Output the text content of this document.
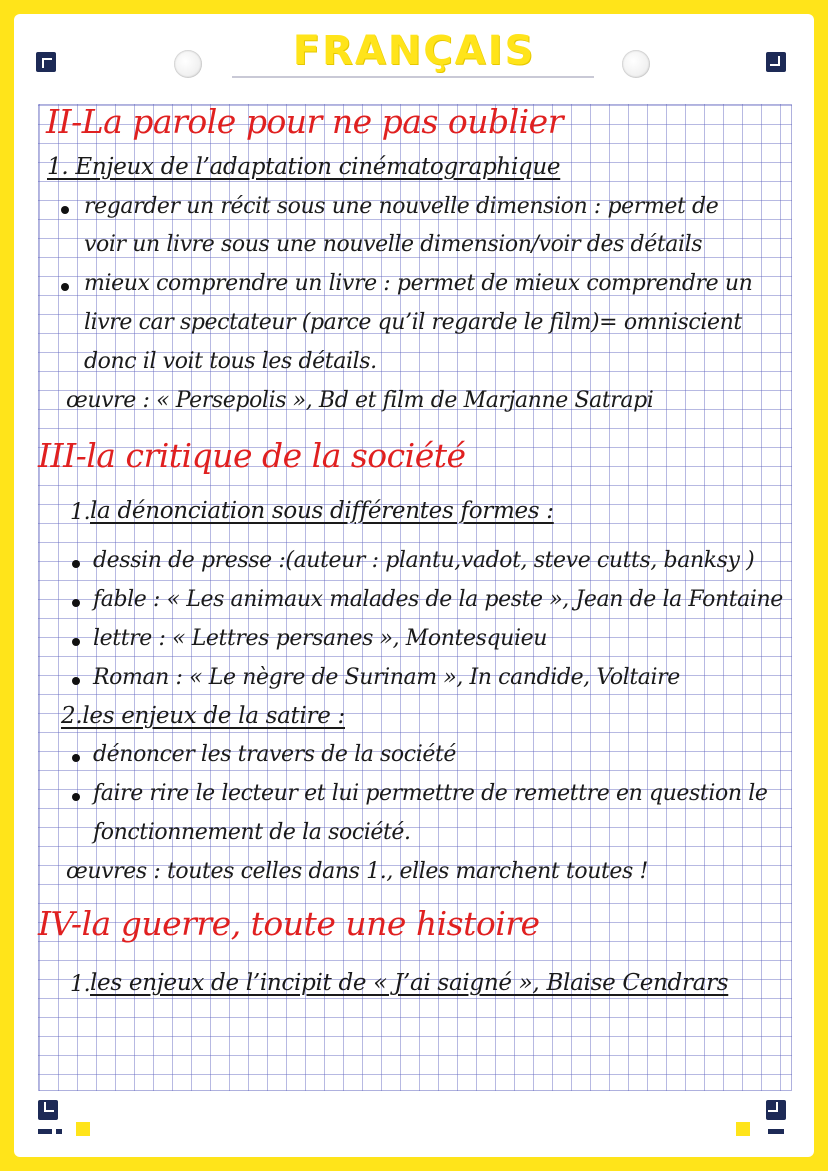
FRANÇAIS
II-La parole pour ne pas oublier
1. Enjeux de l’adaptation cinématographique
regarder un récit sous une nouvelle dimension : permet de
voir un livre sous une nouvelle dimension/voir des détails
mieux comprendre un livre : permet de mieux comprendre un
livre car spectateur (parce qu’il regarde le film)= omniscient
donc il voit tous les détails.
œuvre : « Persepolis », Bd et film de Marjanne Satrapi
III-la critique de la société
1. la dénonciation sous différentes formes :
dessin de presse :(auteur : plantu,vadot, steve cutts, banksy )
fable : « Les animaux malades de la peste », Jean de la Fontaine
lettre : « Lettres persanes », Montesquieu
Roman : « Le nègre de Surinam », In candide, Voltaire
2.les enjeux de la satire :
dénoncer les travers de la société
faire rire le lecteur et lui permettre de remettre en question le
fonctionnement de la société.
œuvres : toutes celles dans 1., elles marchent toutes !
IV-la guerre, toute une histoire
1. les enjeux de l’incipit de « J’ai saigné », Blaise Cendrars
